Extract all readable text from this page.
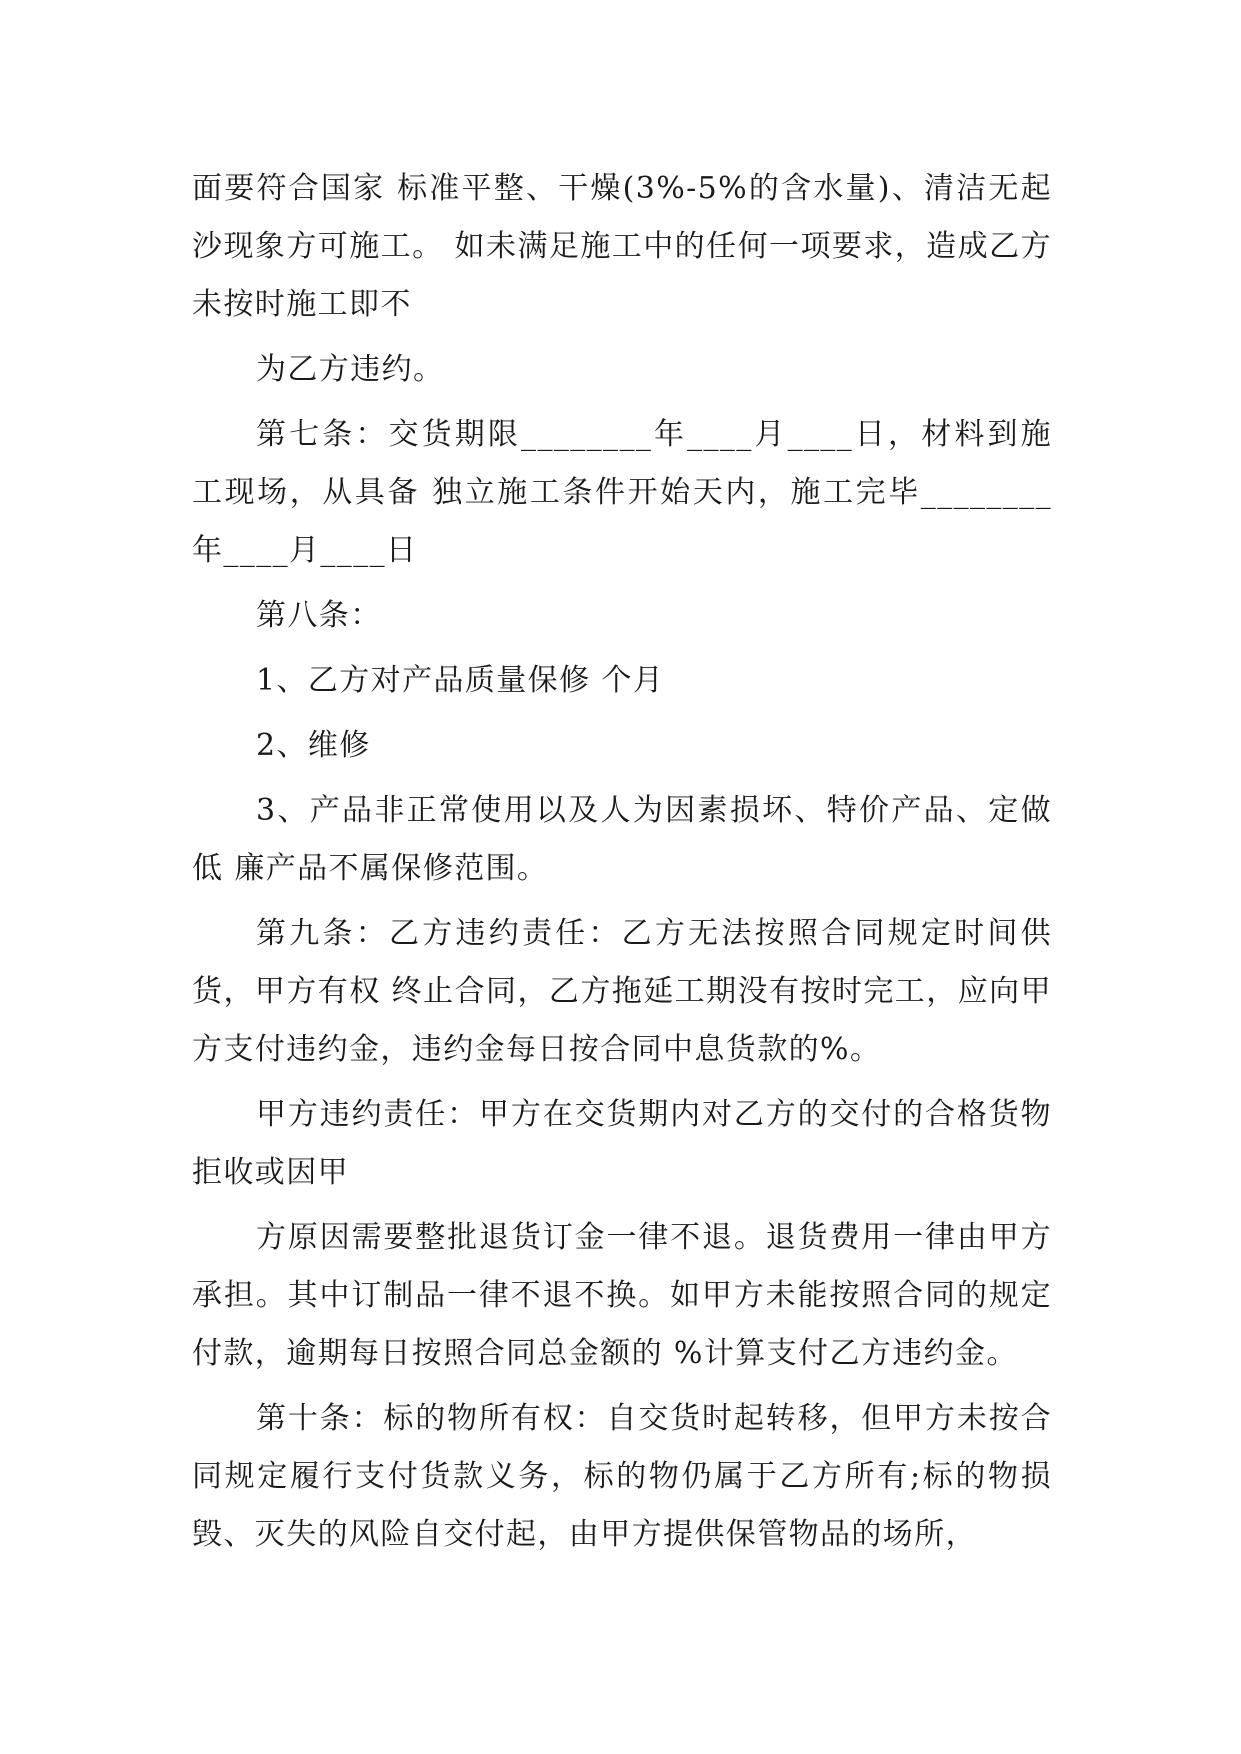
面要符合国家 标准平整、干燥(3%-5%的含水量)、清洁无起沙现象方可施工。 如未满足施工中的任何一项要求，造成乙方未按时施工即不

为乙方违约。

第七条：交货期限________年____月____日，材料到施工现场，从具备 独立施工条件开始天内，施工完毕________年____月____日

第八条：

1、乙方对产品质量保修 个月

2、维修

3、产品非正常使用以及人为因素损坏、特价产品、定做低 廉产品不属保修范围。

第九条：乙方违约责任：乙方无法按照合同规定时间供货，甲方有权 终止合同，乙方拖延工期没有按时完工，应向甲方支付违约金，违约金每日按合同中息货款的%。

甲方违约责任：甲方在交货期内对乙方的交付的合格货物拒收或因甲

方原因需要整批退货订金一律不退。退货费用一律由甲方承担。其中订制品一律不退不换。如甲方未能按照合同的规定付款，逾期每日按照合同总金额的 %计算支付乙方违约金。

第十条：标的物所有权：自交货时起转移，但甲方未按合同规定履行支付货款义务，标的物仍属于乙方所有;标的物损毁、灭失的风险自交付起，由甲方提供保管物品的场所，
